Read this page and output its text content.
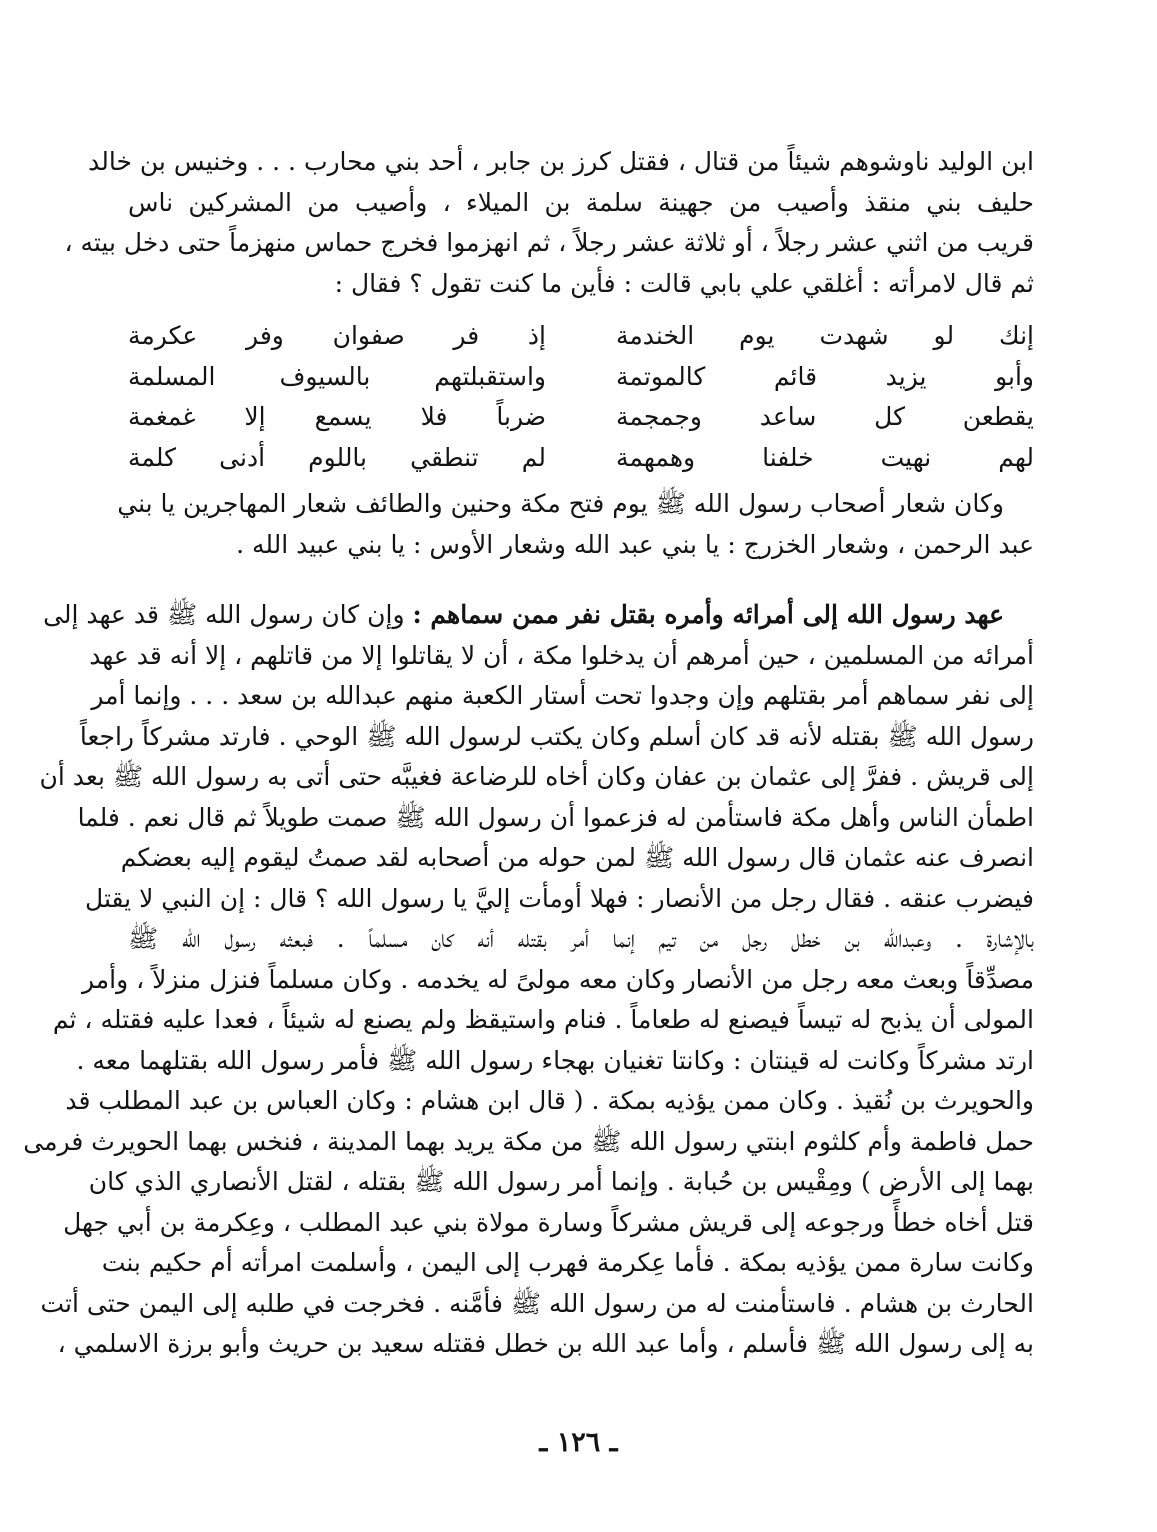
ابن الوليد ناوشوهم شيئاً من قتال ، فقتل كرز بن جابر ، أحد بني محارب . . . وخنيس بن خالد
حليف بني منقذ وأصيب من جهينة سلمة بن الميلاء ، وأصيب من المشركين ناس
قريب من اثني عشر رجلاً ، أو ثلاثة عشر رجلاً ، ثم انهزموا فخرج حماس منهزماً حتى دخل بيته ،
ثم قال لامرأته : أغلقي علي بابي قالت : فأين ما كنت تقول ؟ فقال :

إنك لو شهدت يوم الخندمة
إذ فر صفوان وفر عكرمة
وأبو يزيد قائم كالموتمة
واستقبلتهم بالسيوف المسلمة
يقطعن كل ساعد وجمجمة
ضرباً فلا يسمع إلا غمغمة
لهم نهيت خلفنا وهمهمة
لم تنطقي باللوم أدنى كلمة

وكان شعار أصحاب رسول الله ﷺ يوم فتح مكة وحنين والطائف شعار المهاجرين يا بني
عبد الرحمن ، وشعار الخزرج : يا بني عبد الله وشعار الأوس : يا بني عبيد الله .

عهد رسول الله إلى أمرائه وأمره بقتل نفر ممن سماهم : وإن كان رسول الله ﷺ قد عهد إلى
أمرائه من المسلمين ، حين أمرهم أن يدخلوا مكة ، أن لا يقاتلوا إلا من قاتلهم ، إلا أنه قد عهد
إلى نفر سماهم أمر بقتلهم وإن وجدوا تحت أستار الكعبة منهم عبدالله بن سعد . . . وإنما أمر
رسول الله ﷺ بقتله لأنه قد كان أسلم وكان يكتب لرسول الله ﷺ الوحي . فارتد مشركاً راجعاً
إلى قريش . ففرَّ إلى عثمان بن عفان وكان أخاه للرضاعة فغيبَّه حتى أتى به رسول الله ﷺ بعد أن
اطمأن الناس وأهل مكة فاستأمن له فزعموا أن رسول الله ﷺ صمت طويلاً ثم قال نعم . فلما
انصرف عنه عثمان قال رسول الله ﷺ لمن حوله من أصحابه لقد صمتُ ليقوم إليه بعضكم
فيضرب عنقه . فقال رجل من الأنصار : فهلا أومأت إليَّ يا رسول الله ؟ قال : إن النبي لا يقتل
بالإشارة . وعبدالله بن خطل رجل من تيم إنما أمر بقتله أنه كان مسلماً . فبعثه رسول الله ﷺ
مصدِّقاً وبعث معه رجل من الأنصار وكان معه مولىً له يخدمه . وكان مسلماً فنزل منزلاً ، وأمر
المولى أن يذبح له تيساً فيصنع له طعاماً . فنام واستيقظ ولم يصنع له شيئاً ، فعدا عليه فقتله ، ثم
ارتد مشركاً وكانت له قينتان : وكانتا تغنيان بهجاء رسول الله ﷺ فأمر رسول الله بقتلهما معه .
والحويرث بن نُقيذ . وكان ممن يؤذيه بمكة . ( قال ابن هشام : وكان العباس بن عبد المطلب قد
حمل فاطمة وأم كلثوم ابنتي رسول الله ﷺ من مكة يريد بهما المدينة ، فنخس بهما الحويرث فرمى
بهما إلى الأرض ) ومِقْيس بن حُبابة . وإنما أمر رسول الله ﷺ بقتله ، لقتل الأنصاري الذي كان
قتل أخاه خطأً ورجوعه إلى قريش مشركاً وسارة مولاة بني عبد المطلب ، وعِكرمة بن أبي جهل
وكانت سارة ممن يؤذيه بمكة . فأما عِكرمة فهرب إلى اليمن ، وأسلمت امرأته أم حكيم بنت
الحارث بن هشام . فاستأمنت له من رسول الله ﷺ فأمَّنه . فخرجت في طلبه إلى اليمن حتى أتت
به إلى رسول الله ﷺ فأسلم ، وأما عبد الله بن خطل فقتله سعيد بن حريث وأبو برزة الاسلمي ،

ـ ١٢٦ ـ
